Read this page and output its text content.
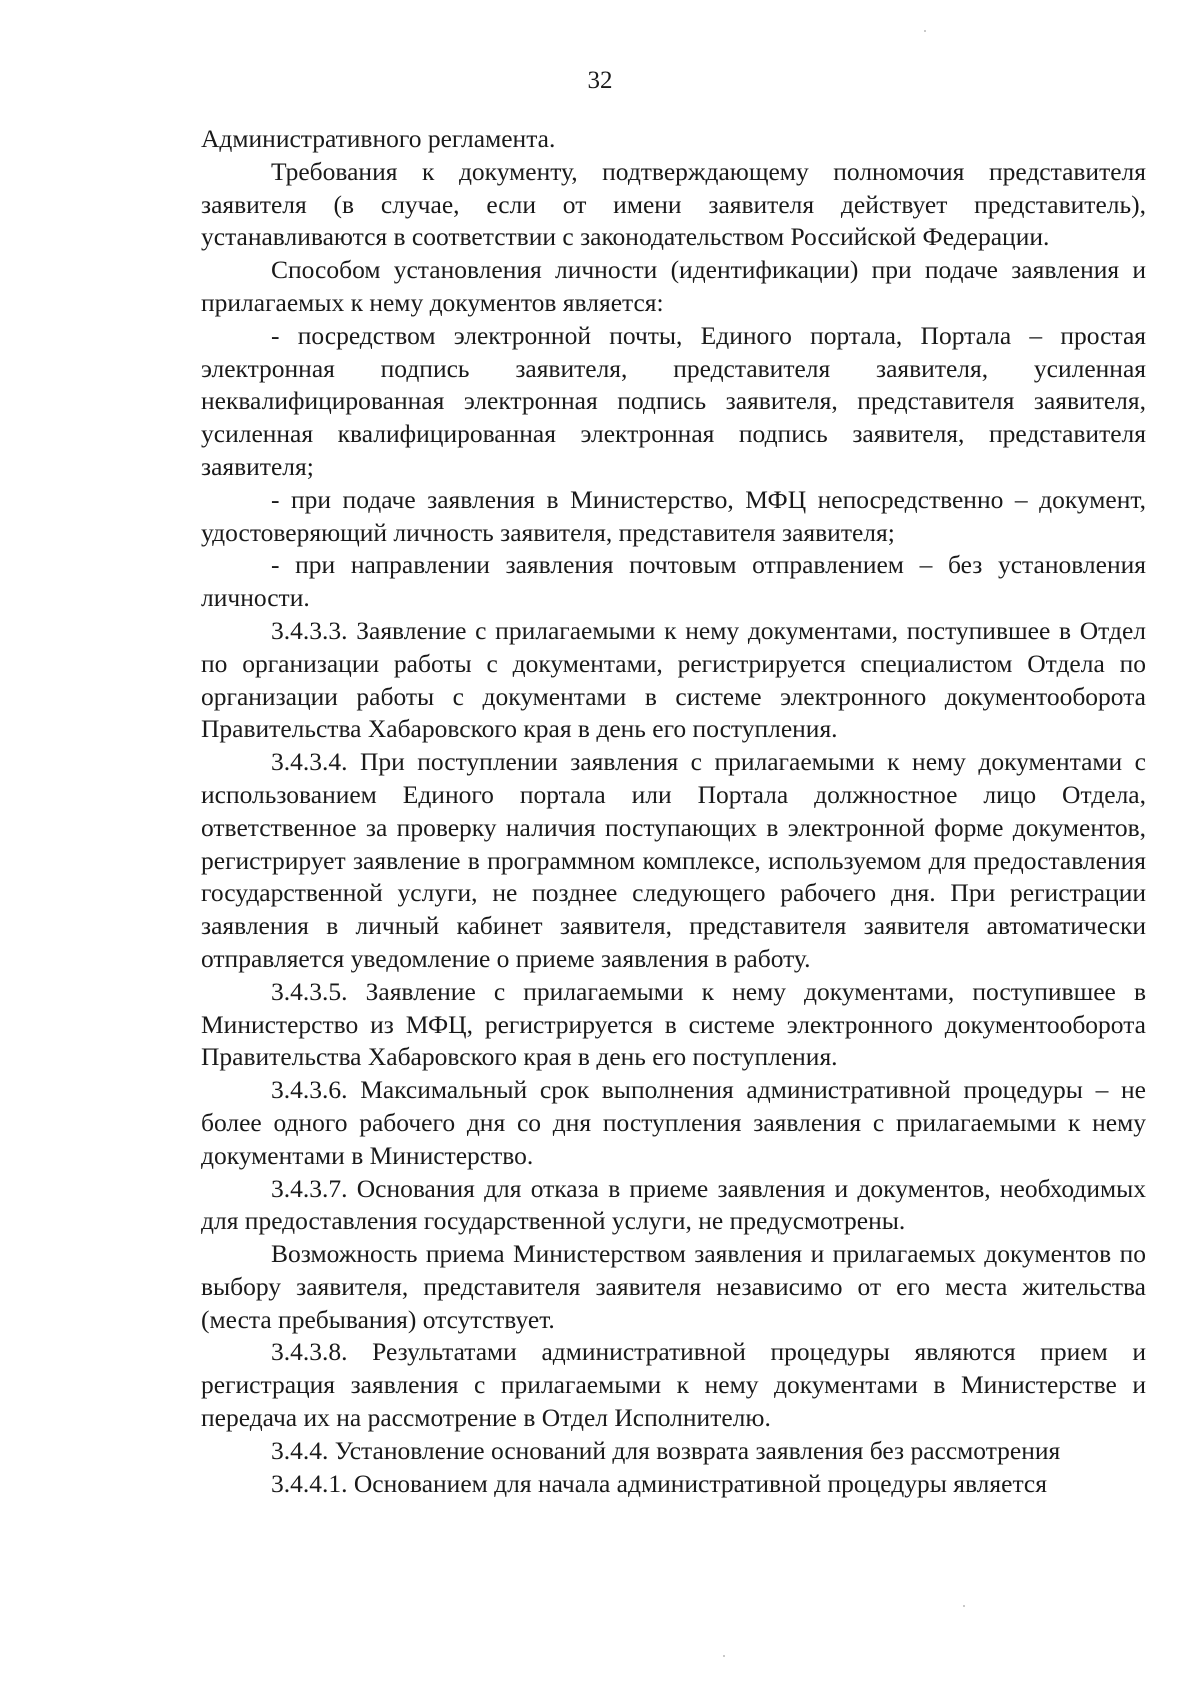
32

Административного регламента.

Требования к документу, подтверждающему полномочия представителя заявителя (в случае, если от имени заявителя действует представитель), устанавливаются в соответствии с законодательством Российской Федерации.

Способом установления личности (идентификации) при подаче заявления и прилагаемых к нему документов является:

- посредством электронной почты, Единого портала, Портала – простая электронная подпись заявителя, представителя заявителя, усиленная неквалифицированная электронная подпись заявителя, представителя заявителя, усиленная квалифицированная электронная подпись заявителя, представителя заявителя;

- при подаче заявления в Министерство, МФЦ непосредственно – документ, удостоверяющий личность заявителя, представителя заявителя;

- при направлении заявления почтовым отправлением – без установления личности.

3.4.3.3. Заявление с прилагаемыми к нему документами, поступившее в Отдел по организации работы с документами, регистрируется специалистом Отдела по организации работы с документами в системе электронного документооборота Правительства Хабаровского края в день его поступления.

3.4.3.4. При поступлении заявления с прилагаемыми к нему документами с использованием Единого портала или Портала должностное лицо Отдела, ответственное за проверку наличия поступающих в электронной форме документов, регистрирует заявление в программном комплексе, используемом для предоставления государственной услуги, не позднее следующего рабочего дня. При регистрации заявления в личный кабинет заявителя, представителя заявителя автоматически отправляется уведомление о приеме заявления в работу.

3.4.3.5. Заявление с прилагаемыми к нему документами, поступившее в Министерство из МФЦ, регистрируется в системе электронного документооборота Правительства Хабаровского края в день его поступления.

3.4.3.6. Максимальный срок выполнения административной процедуры – не более одного рабочего дня со дня поступления заявления с прилагаемыми к нему документами в Министерство.

3.4.3.7. Основания для отказа в приеме заявления и документов, необходимых для предоставления государственной услуги, не предусмотрены.

Возможность приема Министерством заявления и прилагаемых документов по выбору заявителя, представителя заявителя независимо от его места жительства (места пребывания) отсутствует.

3.4.3.8. Результатами административной процедуры являются прием и регистрация заявления с прилагаемыми к нему документами в Министерстве и передача их на рассмотрение в Отдел Исполнителю.

3.4.4. Установление оснований для возврата заявления без рассмотрения

3.4.4.1. Основанием для начала административной процедуры является
